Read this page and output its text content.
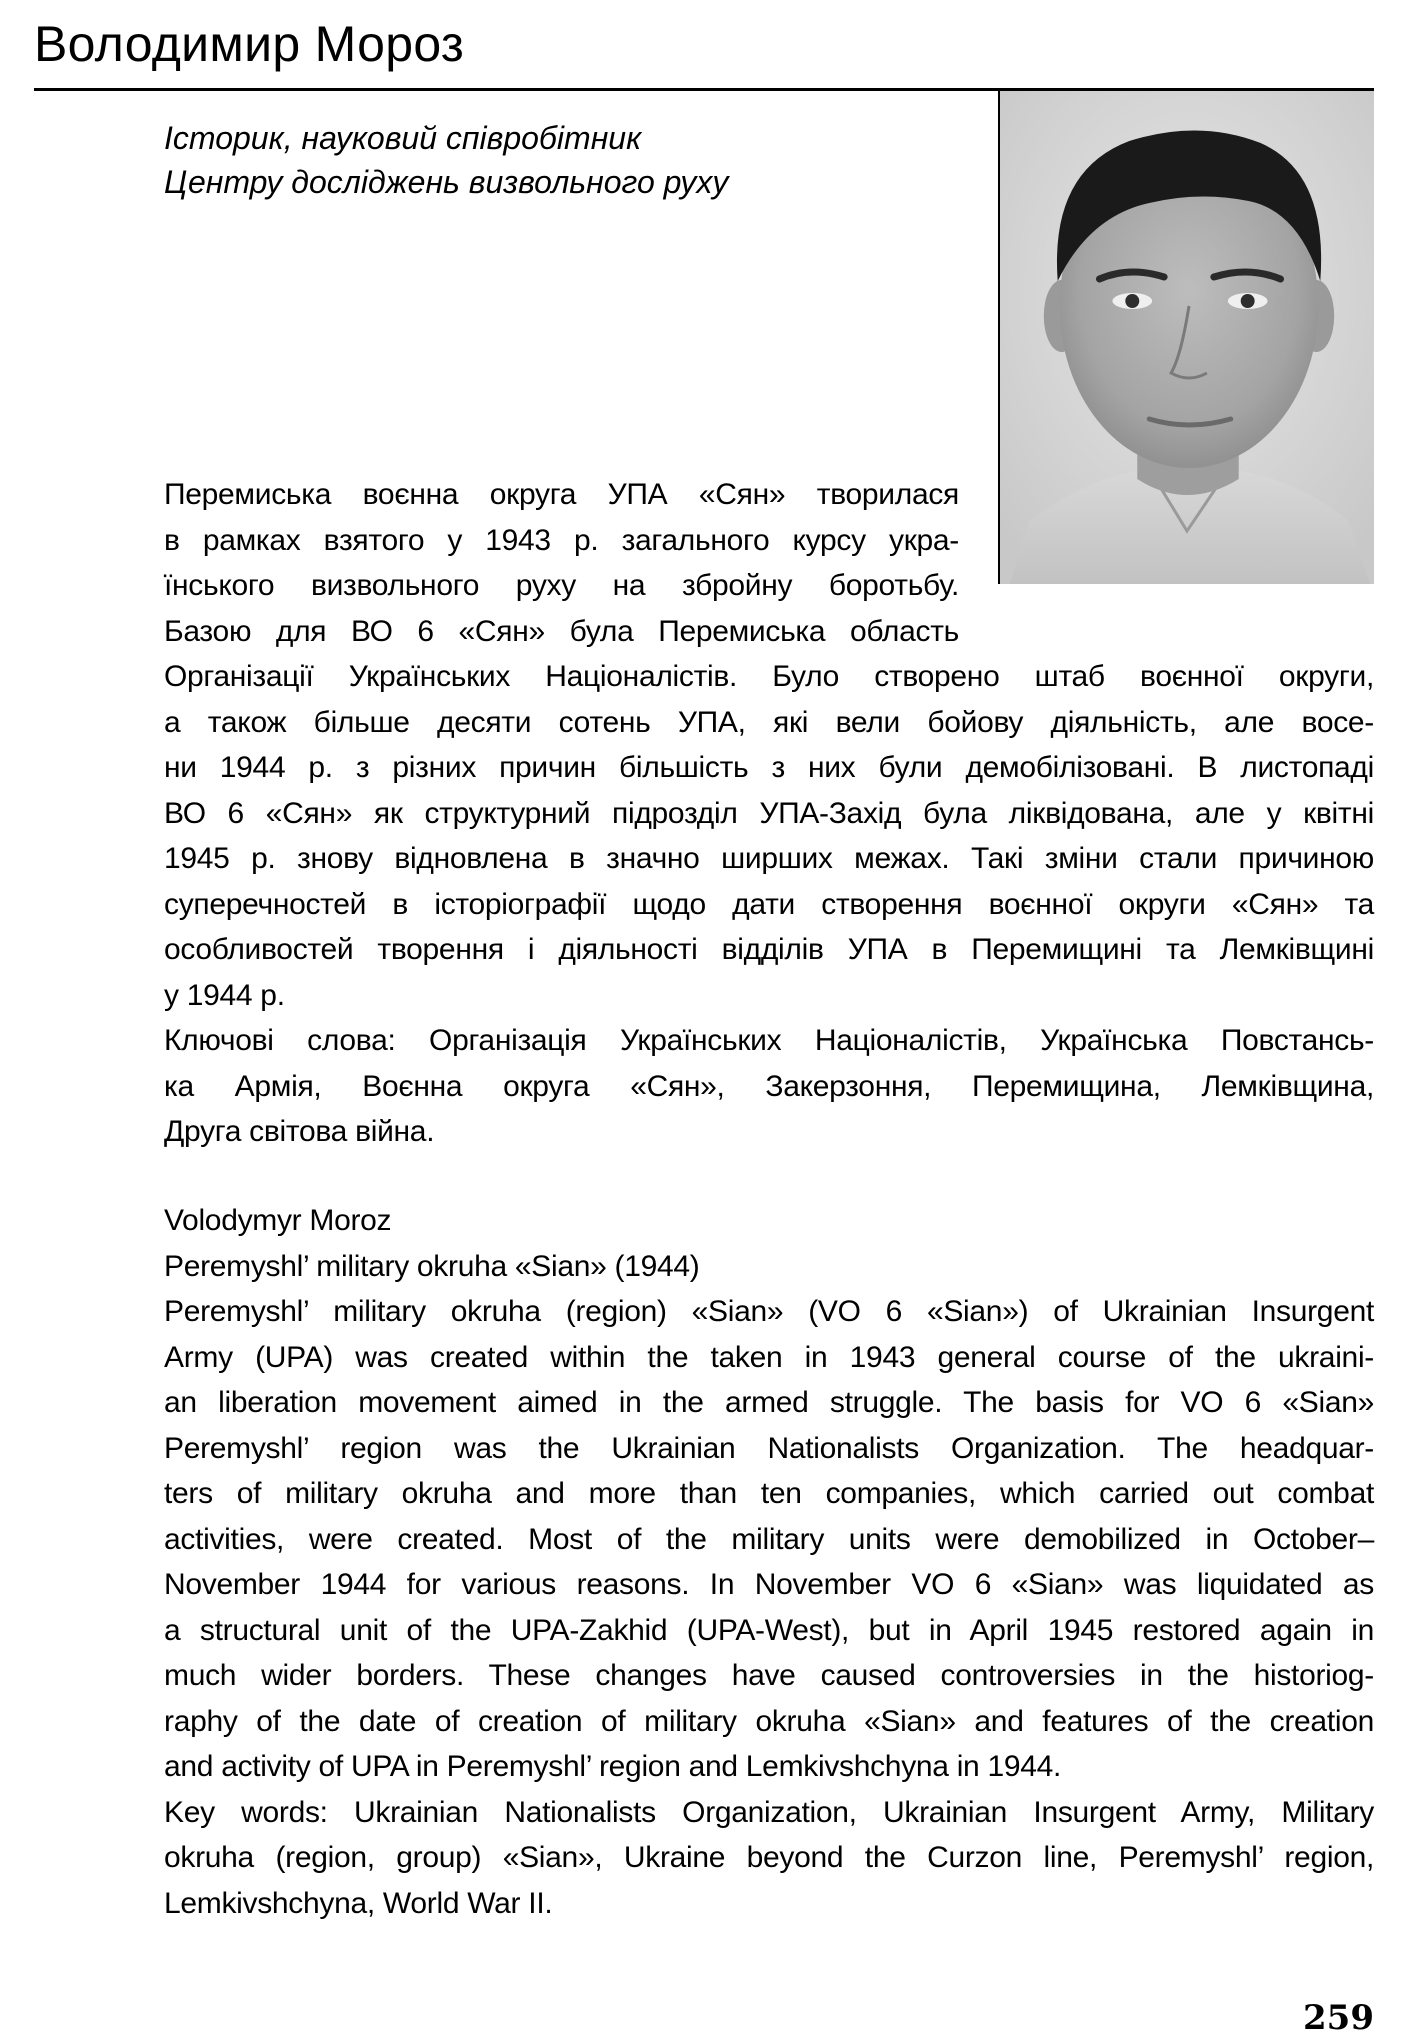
Володимир Мороз
Історик, науковий співробітник
Центру досліджень визвольного руху
Перемиська воєнна округа УПА «Сян» творилася
в рамках взятого у 1943 р. загального курсу укра-
їнського визвольного руху на збройну боротьбу.
Базою для ВО 6 «Сян» була Перемиська область
Організації Українських Націоналістів. Було створено штаб воєнної округи,
а також більше десяти сотень УПА, які вели бойову діяльність, але восе-
ни 1944 р. з різних причин більшість з них були демобілізовані. В листопаді
ВО 6 «Сян» як структурний підрозділ УПА-Захід була ліквідована, але у квітні
1945 р. знову відновлена в значно ширших межах. Такі зміни стали причиною
суперечностей в історіографії щодо дати створення воєнної округи «Сян» та
особливостей творення і діяльності відділів УПА в Перемищині та Лемківщині
у 1944 р.
Ключові слова: Організація Українських Націоналістів, Українська Повстансь-
ка Армія, Воєнна округа «Сян», Закерзоння, Перемищина, Лемківщина,
Друга світова війна.
Volodymyr Moroz
Peremyshl’ military okruha «Sian» (1944)
Peremyshl’ military okruha (region) «Sian» (VO 6 «Sian») of Ukrainian Insurgent
Army (UPA) was created within the taken in 1943 general course of the ukraini-
an liberation movement aimed in the armed struggle. The basis for VO 6 «Sian»
Peremyshl’ region was the Ukrainian Nationalists Organization. The headquar-
ters of military okruha and more than ten companies, which carried out combat
activities, were created. Most of the military units were demobilized in October–
November 1944 for various reasons. In November VO 6 «Sian» was liquidated as
a structural unit of the UPA-Zakhid (UPA-West), but in April 1945 restored again in
much wider borders. These changes have caused controversies in the historiog-
raphy of the date of creation of military okruha «Sian» and features of the creation
and activity of UPA in Peremyshl’ region and Lemkivshchyna in 1944.
Key words: Ukrainian Nationalists Organization, Ukrainian Insurgent Army, Military
okruha (region, group) «Sian», Ukraine beyond the Curzon line, Peremyshl’ region,
Lemkivshchyna, World War II.
259
